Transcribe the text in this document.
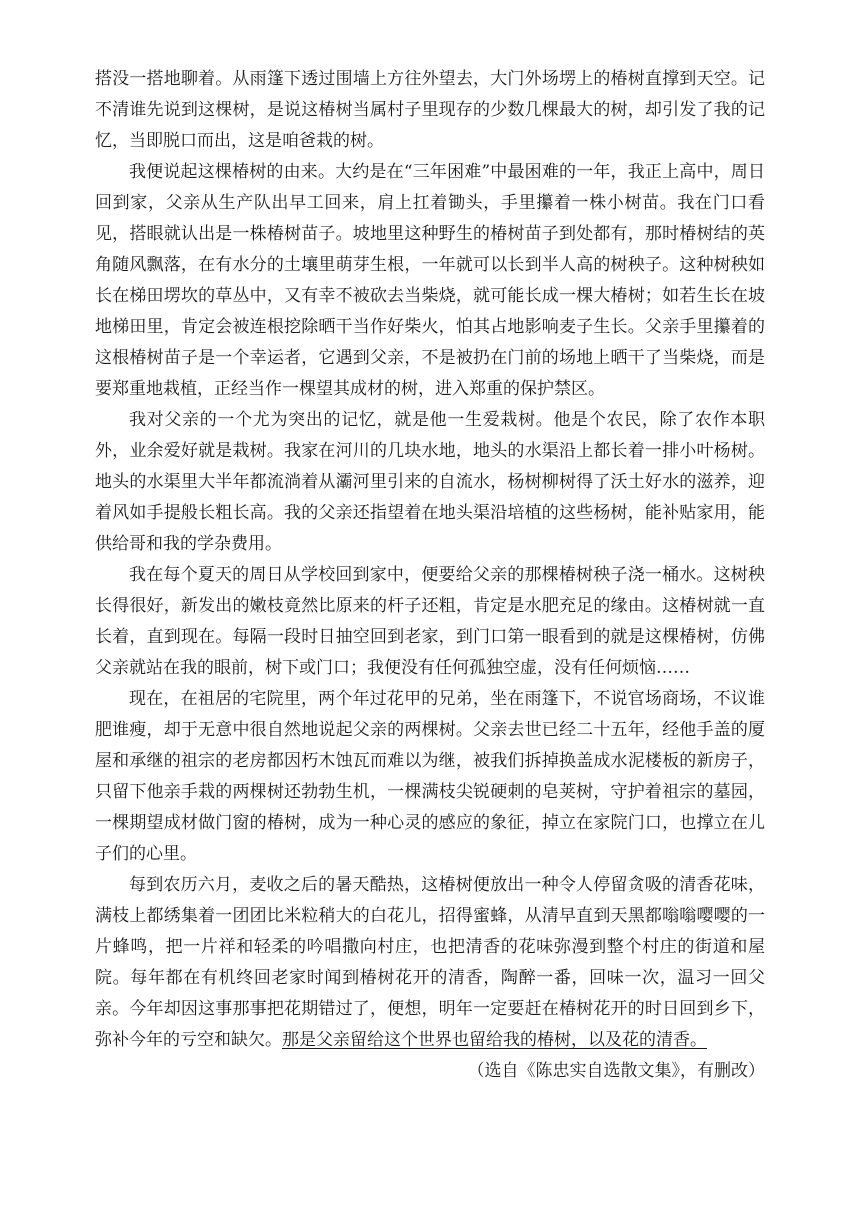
搭没一搭地聊着。从雨篷下透过围墙上方往外望去，大门外场塄上的椿树直撑到天空。记不清谁先说到这棵树，是说这椿树当属村子里现存的少数几棵最大的树，却引发了我的记忆，当即脱口而出，这是咱爸栽的树。

我便说起这棵椿树的由来。大约是在“三年困难”中最困难的一年，我正上高中，周日回到家，父亲从生产队出早工回来，肩上扛着锄头，手里攥着一株小树苗。我在门口看见，搭眼就认出是一株椿树苗子。坡地里这种野生的椿树苗子到处都有，那时椿树结的英角随风飘落，在有水分的土壤里萌芽生根，一年就可以长到半人高的树秧子。这种树秧如长在梯田塄坎的草丛中，又有幸不被砍去当柴烧，就可能长成一棵大椿树；如若生长在坡地梯田里，肯定会被连根挖除晒干当作好柴火，怕其占地影响麦子生长。父亲手里攥着的这根椿树苗子是一个幸运者，它遇到父亲，不是被扔在门前的场地上晒干了当柴烧，而是要郑重地栽植，正经当作一棵望其成材的树，进入郑重的保护禁区。

我对父亲的一个尤为突出的记忆，就是他一生爱栽树。他是个农民，除了农作本职外，业余爱好就是栽树。我家在河川的几块水地，地头的水渠沿上都长着一排小叶杨树。地头的水渠里大半年都流淌着从灞河里引来的自流水，杨树柳树得了沃土好水的滋养，迎着风如手提般长粗长高。我的父亲还指望着在地头渠沿培植的这些杨树，能补贴家用，能供给哥和我的学杂费用。

我在每个夏天的周日从学校回到家中，便要给父亲的那棵椿树秧子浇一桶水。这树秧长得很好，新发出的嫩枝竟然比原来的杆子还粗，肯定是水肥充足的缘由。这椿树就一直长着，直到现在。每隔一段时日抽空回到老家，到门口第一眼看到的就是这棵椿树，仿佛父亲就站在我的眼前，树下或门口；我便没有任何孤独空虚，没有任何烦恼……

现在，在祖居的宅院里，两个年过花甲的兄弟，坐在雨篷下，不说官场商场，不议谁肥谁瘦，却于无意中很自然地说起父亲的两棵树。父亲去世已经二十五年，经他手盖的厦屋和承继的祖宗的老房都因朽木蚀瓦而难以为继，被我们拆掉换盖成水泥楼板的新房子，只留下他亲手栽的两棵树还勃勃生机，一棵满枝尖锐硬刺的皂荚树，守护着祖宗的墓园，一棵期望成材做门窗的椿树，成为一种心灵的感应的象征，掉立在家院门口，也撑立在儿子们的心里。

每到农历六月，麦收之后的暑天酷热，这椿树便放出一种令人停留贪吸的清香花味，满枝上都绣集着一团团比米粒稍大的白花儿，招得蜜蜂，从清早直到天黑都嗡嗡嘤嘤的一片蜂鸣，把一片祥和轻柔的吟唱撒向村庄，也把清香的花味弥漫到整个村庄的街道和屋院。每年都在有机终回老家时闻到椿树花开的清香，陶醉一番，回味一次，温习一回父亲。今年却因这事那事把花期错过了，便想，明年一定要赶在椿树花开的时日回到乡下，弥补今年的亏空和缺欠。那是父亲留给这个世界也留给我的椿树，以及花的清香。

（选自《陈忠实自选散文集》，有删改）
